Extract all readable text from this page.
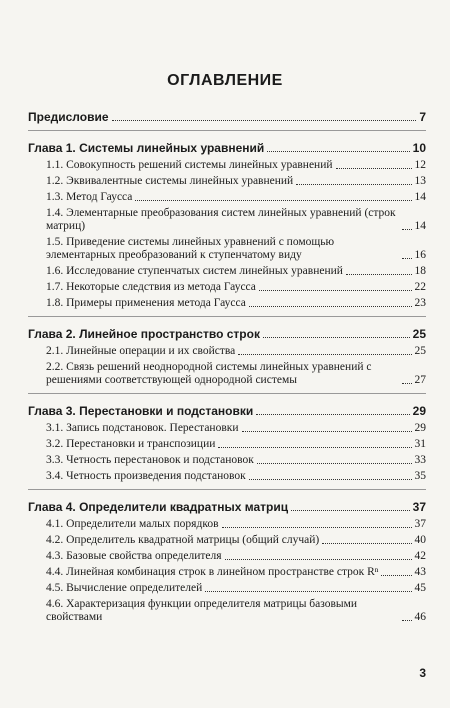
ОГЛАВЛЕНИЕ
Предисловие	7
Глава 1. Системы линейных уравнений	10
1.1. Совокупность решений системы линейных уравнений	12
1.2. Эквивалентные системы линейных уравнений	13
1.3. Метод Гаусса	14
1.4. Элементарные преобразования систем линейных уравнений (строк матриц)	14
1.5. Приведение системы линейных уравнений с помощью элементарных преобразований к ступенчатому виду	16
1.6. Исследование ступенчатых систем линейных уравнений	18
1.7. Некоторые следствия из метода Гаусса	22
1.8. Примеры применения метода Гаусса	23
Глава 2. Линейное пространство строк	25
2.1. Линейные операции и их свойства	25
2.2. Связь решений неоднородной системы линейных уравнений с решениями соответствующей однородной системы	27
Глава 3. Перестановки и подстановки	29
3.1. Запись подстановок. Перестановки	29
3.2. Перестановки и транспозиции	31
3.3. Четность перестановок и подстановок	33
3.4. Четность произведения подстановок	35
Глава 4. Определители квадратных матриц	37
4.1. Определители малых порядков	37
4.2. Определитель квадратной матрицы (общий случай)	40
4.3. Базовые свойства определителя	42
4.4. Линейная комбинация строк в линейном пространстве строк Rⁿ	43
4.5. Вычисление определителей	45
4.6. Характеризация функции определителя матрицы базовыми свойствами	46
3
